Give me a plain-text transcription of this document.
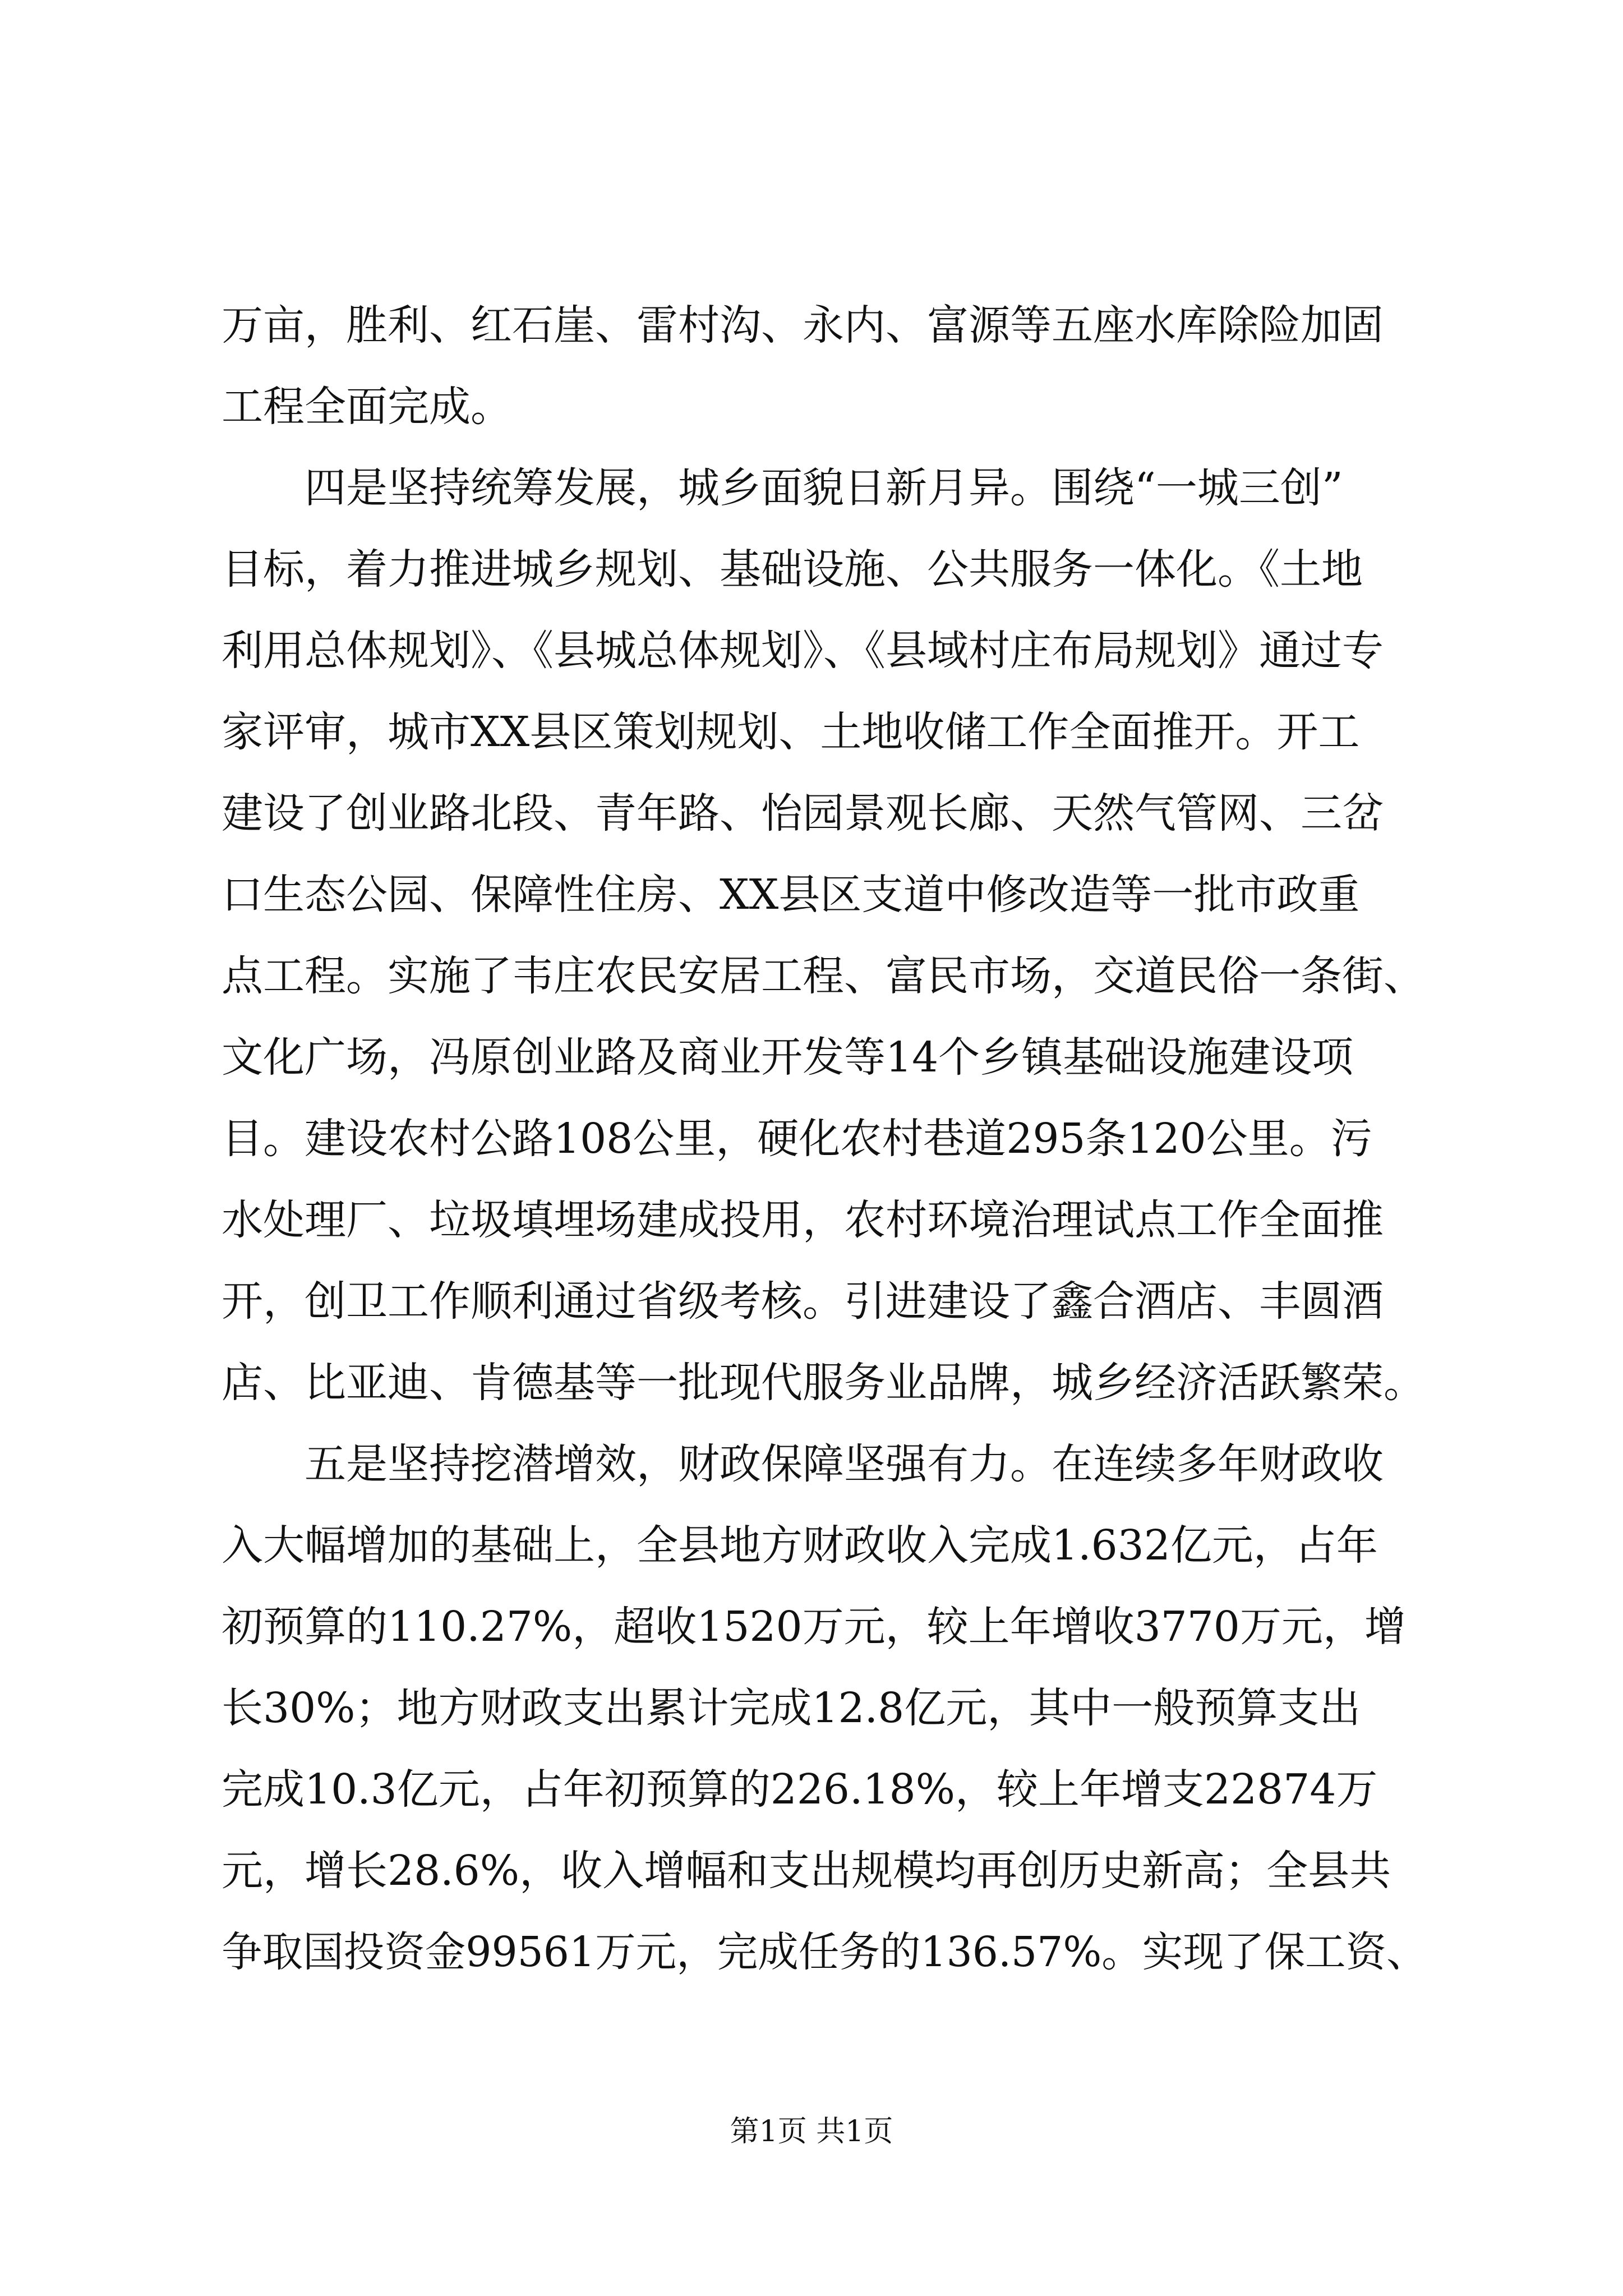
万亩，胜利、红石崖、雷村沟、永内、富源等五座水库除险加固
工程全面完成。
四是坚持统筹发展，城乡面貌日新月异。围绕“一城三创”
目标，着力推进城乡规划、基础设施、公共服务一体化。《土地
利用总体规划》、《县城总体规划》、《县域村庄布局规划》通过专
家评审，城市XX县区策划规划、土地收储工作全面推开。开工
建设了创业路北段、青年路、怡园景观长廊、天然气管网、三岔
口生态公园、保障性住房、XX县区支道中修改造等一批市政重
点工程。实施了韦庄农民安居工程、富民市场，交道民俗一条街、
文化广场，冯原创业路及商业开发等14个乡镇基础设施建设项
目。建设农村公路108公里，硬化农村巷道295条120公里。污
水处理厂、垃圾填埋场建成投用，农村环境治理试点工作全面推
开，创卫工作顺利通过省级考核。引进建设了鑫合酒店、丰圆酒
店、比亚迪、肯德基等一批现代服务业品牌，城乡经济活跃繁荣。
五是坚持挖潜增效，财政保障坚强有力。在连续多年财政收
入大幅增加的基础上，全县地方财政收入完成1.632亿元，占年
初预算的110.27%，超收1520万元，较上年增收3770万元，增
长30%；地方财政支出累计完成12.8亿元，其中一般预算支出
完成10.3亿元，占年初预算的226.18%，较上年增支22874万
元，增长28.6%，收入增幅和支出规模均再创历史新高；全县共
争取国投资金99561万元，完成任务的136.57%。实现了保工资、
第1页 共1页
